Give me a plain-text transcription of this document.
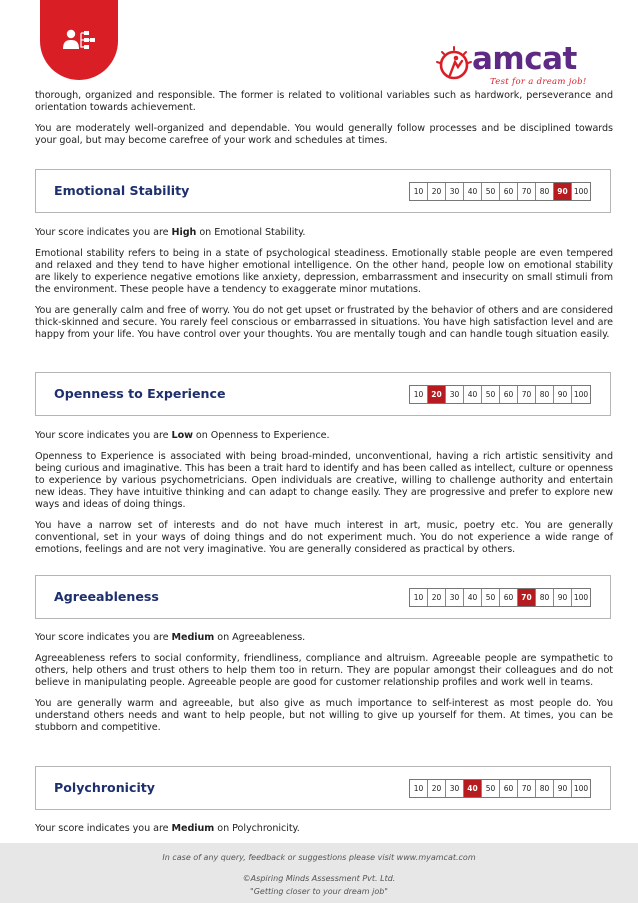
amcat
Test for a dream job!

thorough, organized and responsible. The former is related to volitional variables such as hardwork, perseverance and orientation towards achievement.

You are moderately well-organized and dependable. You would generally follow processes and be disciplined towards your goal, but may become carefree of your work and schedules at times.

Emotional Stability	10	20	30	40	50	60	70	80	90 100

Your score indicates you are High on Emotional Stability.

Emotional stability refers to being in a state of psychological steadiness. Emotionally stable people are even tempered and relaxed and they tend to have higher emotional intelligence. On the other hand, people low on emotional stability are likely to experience negative emotions like anxiety, depression, embarrassment and insecurity on small stimuli from the environment. These people have a tendency to exaggerate minor mutations.

You are generally calm and free of worry. You do not get upset or frustrated by the behavior of others and are considered thick-skinned and secure. You rarely feel conscious or embarrassed in situations. You have high satisfaction level and are happy from your life. You have control over your thoughts. You are mentally tough and can handle tough situation easily.

Openness to Experience	10	20	30	40	50	60	70	80	90 100

Your score indicates you are Low on Openness to Experience.

Openness to Experience is associated with being broad-minded, unconventional, having a rich artistic sensitivity and being curious and imaginative. This has been a trait hard to identify and has been called as intellect, culture or openness to experience by various psychometricians. Open individuals are creative, willing to challenge authority and entertain new ideas. They have intuitive thinking and can adapt to change easily. They are progressive and prefer to explore new ways and ideas of doing things.

You have a narrow set of interests and do not have much interest in art, music, poetry etc. You are generally conventional, set in your ways of doing things and do not experiment much. You do not experience a wide range of emotions, feelings and are not very imaginative. You are generally considered as practical by others.

Agreeableness	10	20	30	40	50	60	70	80	90 100

Your score indicates you are Medium on Agreeableness.

Agreeableness refers to social conformity, friendliness, compliance and altruism. Agreeable people are sympathetic to others, help others and trust others to help them too in return. They are popular amongst their colleagues and do not believe in manipulating people. Agreeable people are good for customer relationship profiles and work well in teams.

You are generally warm and agreeable, but also give as much importance to self-interest as most people do. You understand others needs and want to help people, but not willing to give up yourself for them. At times, you can be stubborn and competitive.

Polychronicity	10	20	30	40	50	60	70	80	90 100

Your score indicates you are Medium on Polychronicity.

In case of any query, feedback or suggestions please visit www.myamcat.com
©Aspiring Minds Assessment Pvt. Ltd.
"Getting closer to your dream job"
